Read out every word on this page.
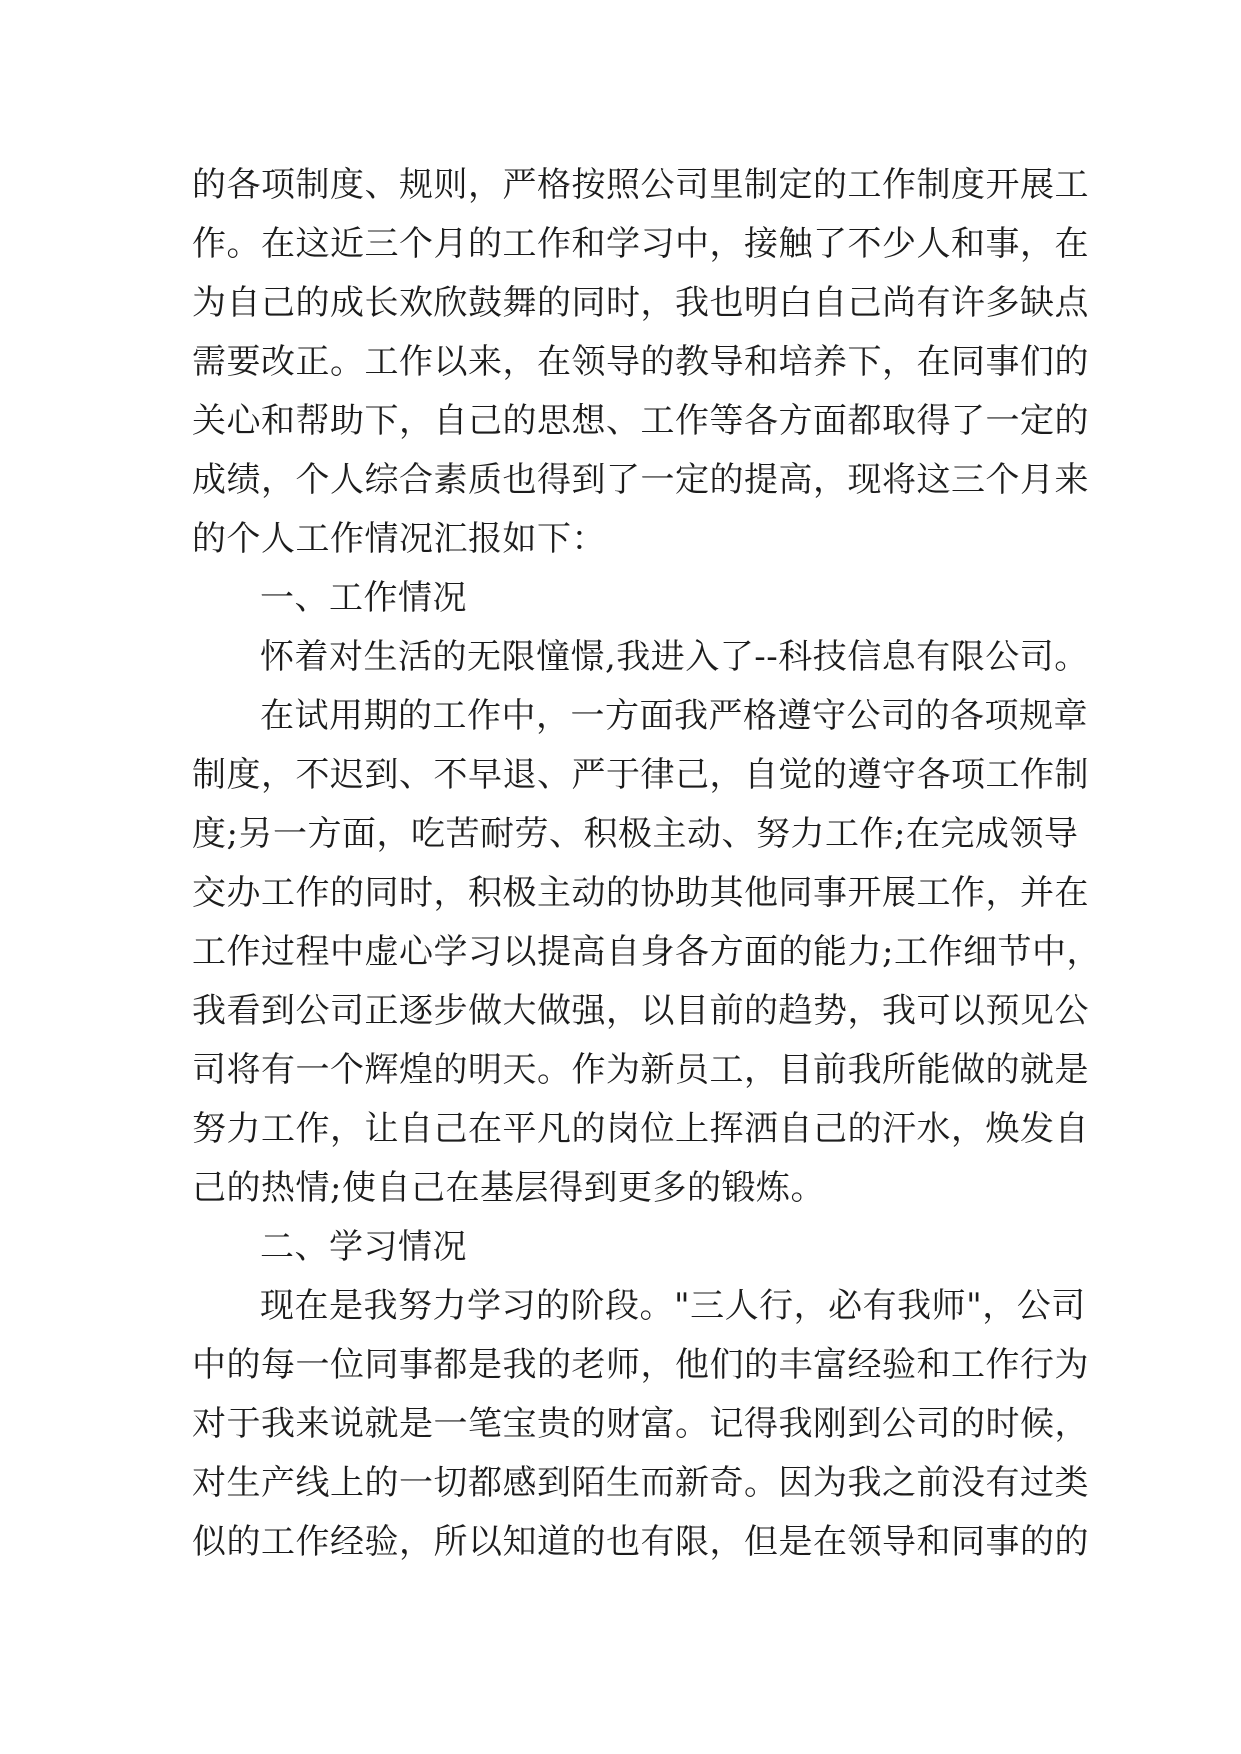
的各项制度、规则，严格按照公司里制定的工作制度开展工
作。在这近三个月的工作和学习中，接触了不少人和事，在
为自己的成长欢欣鼓舞的同时，我也明白自己尚有许多缺点
需要改正。工作以来，在领导的教导和培养下，在同事们的
关心和帮助下，自己的思想、工作等各方面都取得了一定的
成绩，个人综合素质也得到了一定的提高，现将这三个月来
的个人工作情况汇报如下：
一、工作情况
怀着对生活的无限憧憬,我进入了--科技信息有限公司。
在试用期的工作中，一方面我严格遵守公司的各项规章
制度，不迟到、不早退、严于律己，自觉的遵守各项工作制
度;另一方面，吃苦耐劳、积极主动、努力工作;在完成领导
交办工作的同时，积极主动的协助其他同事开展工作，并在
工作过程中虚心学习以提高自身各方面的能力;工作细节中，
我看到公司正逐步做大做强，以目前的趋势，我可以预见公
司将有一个辉煌的明天。作为新员工，目前我所能做的就是
努力工作，让自己在平凡的岗位上挥洒自己的汗水，焕发自
己的热情;使自己在基层得到更多的锻炼。
二、学习情况
现在是我努力学习的阶段。"三人行，必有我师"，公司
中的每一位同事都是我的老师，他们的丰富经验和工作行为
对于我来说就是一笔宝贵的财富。记得我刚到公司的时候，
对生产线上的一切都感到陌生而新奇。因为我之前没有过类
似的工作经验，所以知道的也有限，但是在领导和同事的的
